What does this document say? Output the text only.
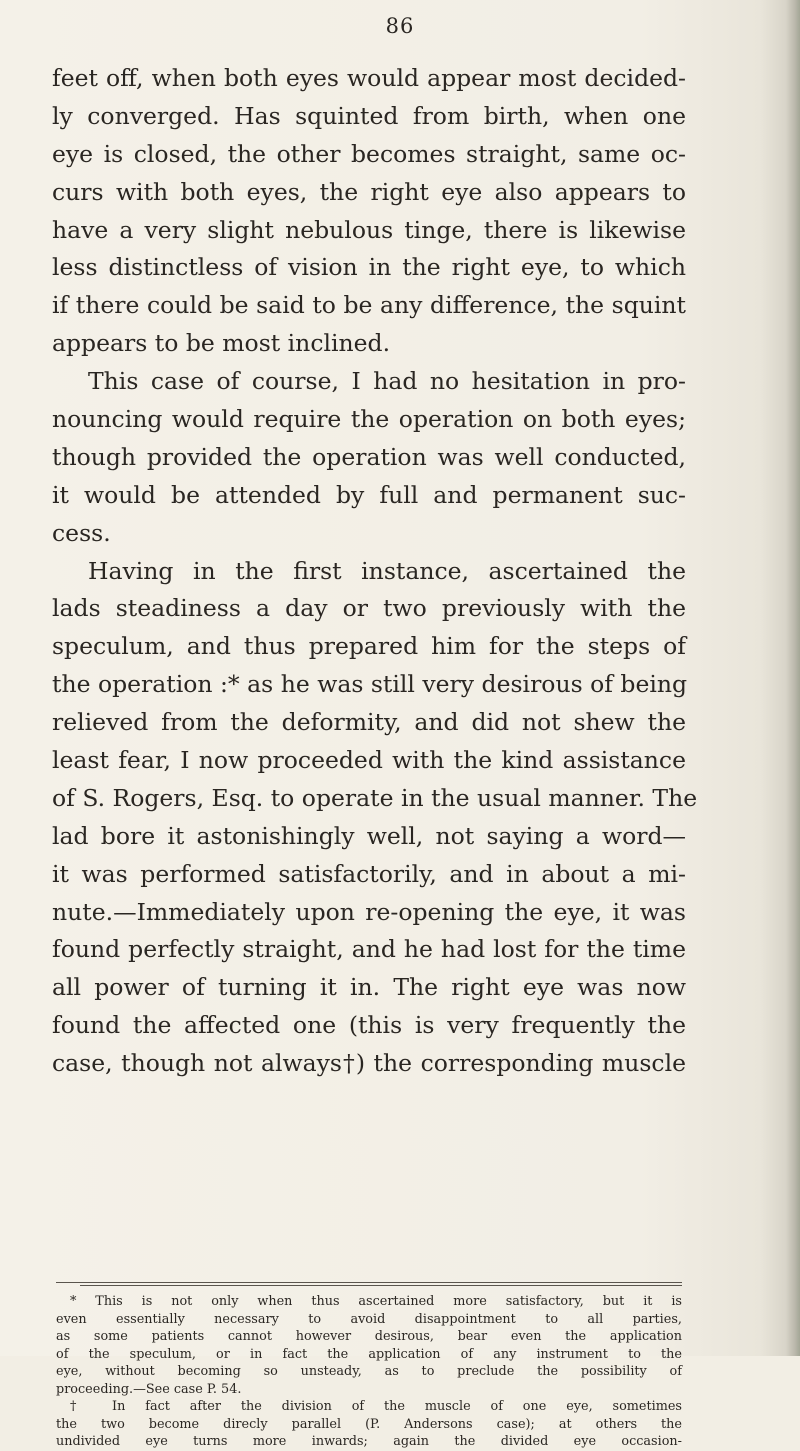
86
feet off, when both eyes would appear most decided-
ly converged. Has squinted from birth, when one
eye is closed, the other becomes straight, same oc-
curs with both eyes, the right eye also appears to
have a very slight nebulous tinge, there is likewise
less distinctless of vision in the right eye, to which
if there could be said to be any difference, the squint
appears to be most inclined.
This case of course, I had no hesitation in pro-
nouncing would require the operation on both eyes;
though provided the operation was well conducted,
it would be attended by full and permanent suc-
cess.
Having in the first instance, ascertained the
lads steadiness a day or two previously with the
speculum, and thus prepared him for the steps of
the operation :* as he was still very desirous of being
relieved from the deformity, and did not shew the
least fear, I now proceeded with the kind assistance
of S. Rogers, Esq. to operate in the usual manner. The
lad bore it astonishingly well, not saying a word—
it was performed satisfactorily, and in about a mi-
nute.—Immediately upon re-opening the eye, it was
found perfectly straight, and he had lost for the time
all power of turning it in. The right eye was now
found the affected one (this is very frequently the
case, though not always†) the corresponding muscle
* This is not only when thus ascertained more satisfactory, but it is
even essentially necessary to avoid disappointment to all parties,
as some patients cannot however desirous, bear even the application
of the speculum, or in fact the application of any instrument to the
eye, without becoming so unsteady, as to preclude the possibility of
proceeding.—See case P. 54.
† In fact after the division of the muscle of one eye, sometimes
the two become direcly parallel (P. Andersons case); at others the
undivided eye turns more inwards; again the divided eye occasion-
